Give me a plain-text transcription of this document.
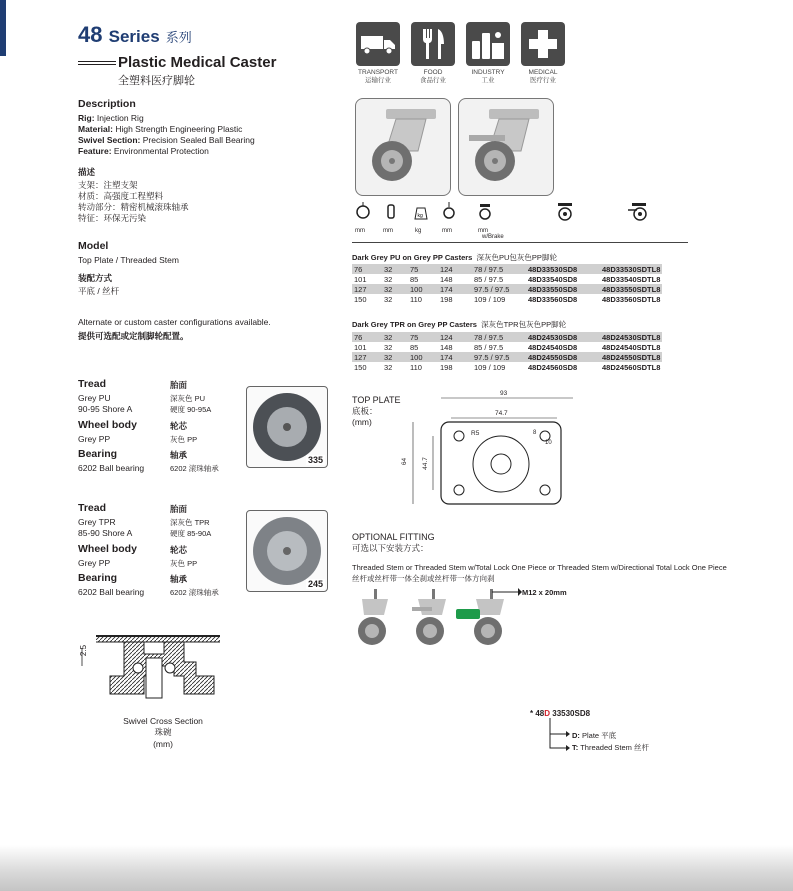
48 Series 系列
Plastic Medical Caster
全塑料医疗脚轮
TRANSPORT
运输行业
FOOD
食品行业
INDUSTRY
工业
MEDICAL
医疗行业
kg
mm	mm	kg	mm	mm
w/Brake
Dark Grey PU on Grey PP Casters 深灰色PU包灰色PP脚轮
76	32	75	124	78 / 97.5	48D33530SD8	48D33530SDTL8
101	32	85	148	85 / 97.5	48D33540SD8	48D33540SDTL8
127	32	100	174	97.5 / 97.5	48D33550SD8	48D33550SDTL8
150	32	110	198	109 / 109	48D33560SD8	48D33560SDTL8
Dark Grey TPR on Grey PP Casters 深灰色TPR包灰色PP脚轮
76	32	75	124	78 / 97.5	48D24530SD8	48D24530SDTL8
101	32	85	148	85 / 97.5	48D24540SD8	48D24540SDTL8
127	32	100	174	97.5 / 97.5	48D24550SD8	48D24550SDTL8
150	32	110	198	109 / 109	48D24560SD8	48D24560SDTL8
Description
Rig: Injection Rig
Material: High Strength Engineering Plastic
Swivel Section: Precision Sealed Ball Bearing
Feature: Environmental Protection
描述
支架：注塑支架
材质：高强度工程塑料
转动部分：精密机械滚珠轴承
特征：环保无污染
Model
Top Plate / Threaded Stem
装配方式
平底 / 丝杆
Alternate or custom caster configurations available.
提供可选配或定制脚轮配置。
Tread	胎面
Grey PU
90-95 Shore A
深灰色 PU
硬度 90-95A
Wheel body	轮芯
Grey PP	灰色 PP
Bearing	轴承
6202 Ball bearing	6202 滚珠轴承
335
Tread	胎面
Grey TPR
85-90 Shore A
深灰色 TPR
硬度 85-90A
Wheel body	轮芯
Grey PP	灰色 PP
Bearing	轴承
6202 Ball bearing	6202 滚珠轴承
245
2.5
Swivel Cross Section
珠碗
(mm)
TOP PLATE
底板：
(mm)
93
74.7
64 44.7
R5	8
10
OPTIONAL FITTING
可选以下安装方式：
Threaded Stem or Threaded Stem w/Total Lock One Piece or Threaded Stem w/Directional Total Lock One Piece
丝杆或丝杆带一体全刹或丝杆带一体方向刹
M12 x 20mm
* 48D 33530SD8
D: Plate 平底
T: Threaded Stem 丝杆
